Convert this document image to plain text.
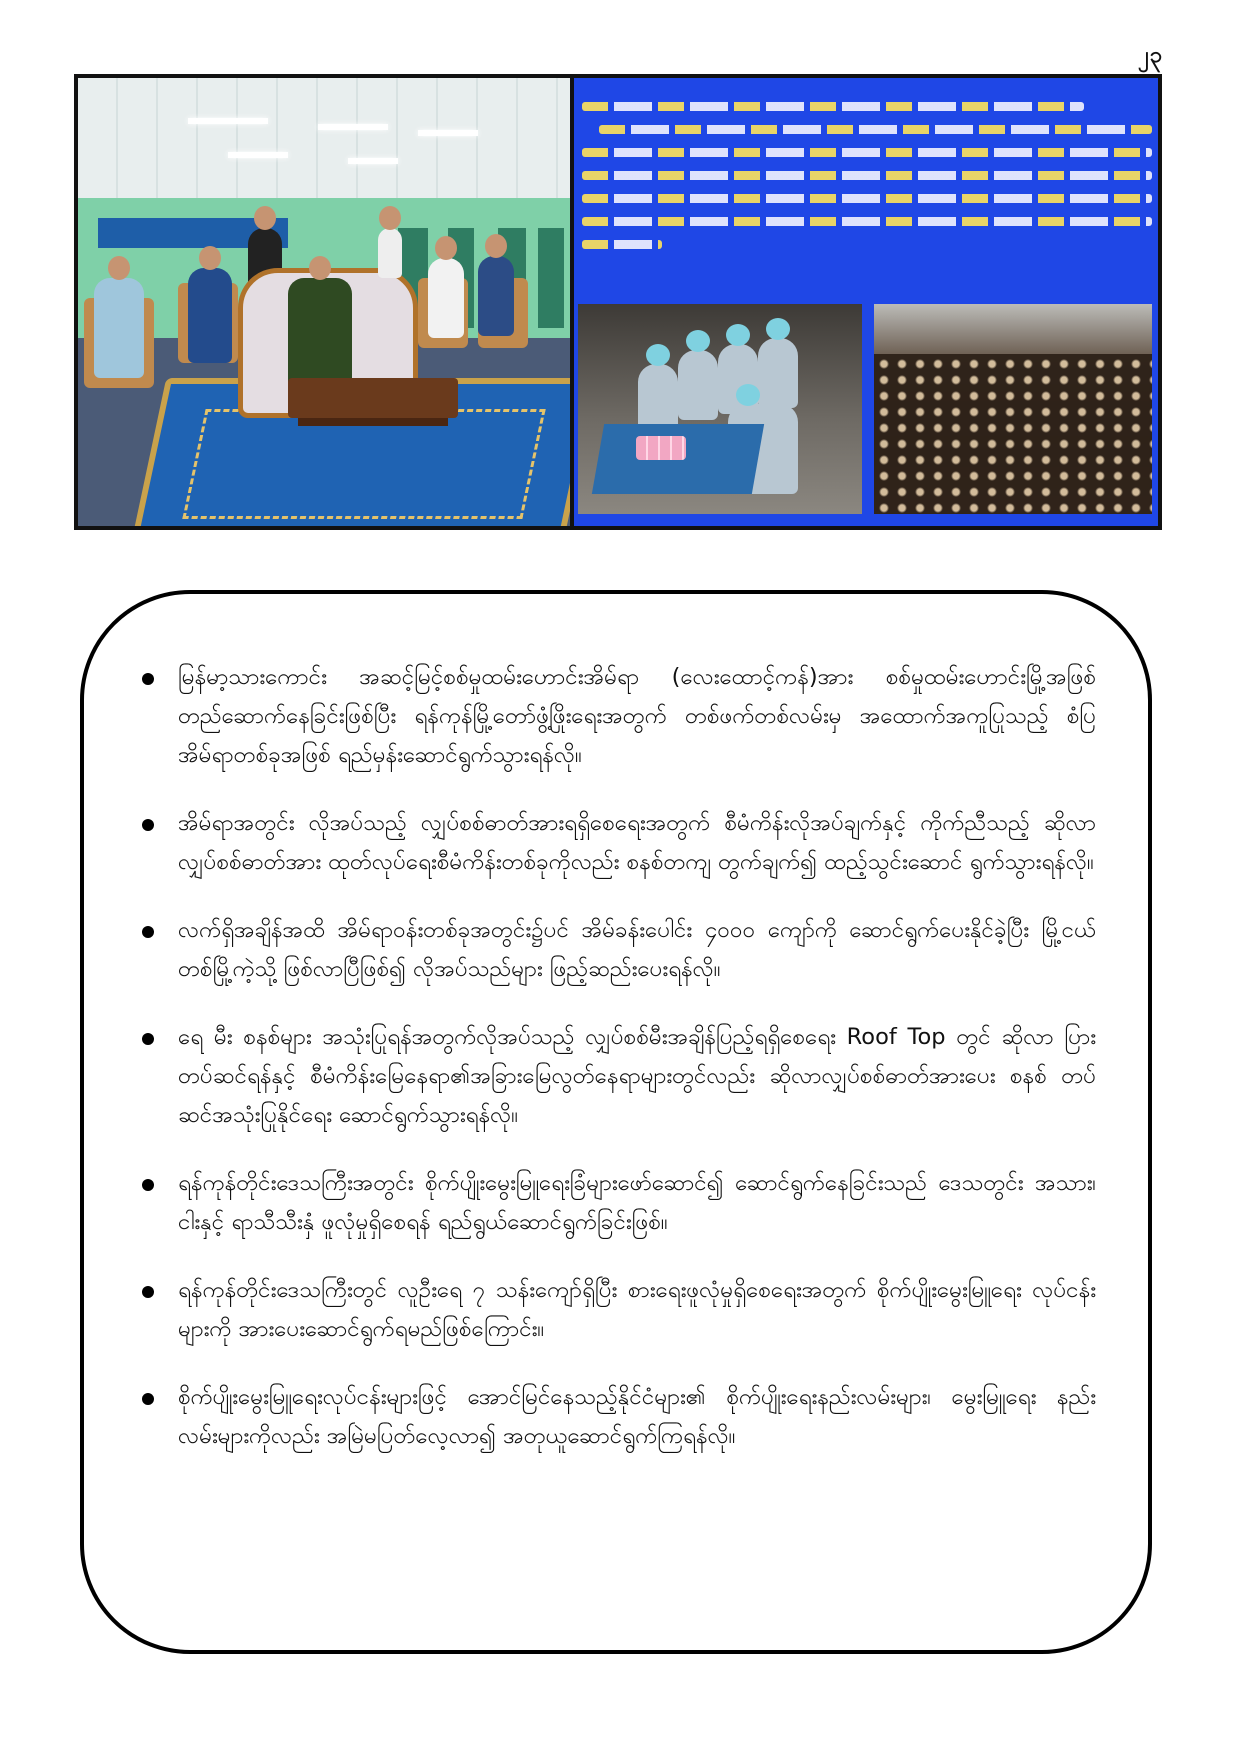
၂၃
မြန်မာ့သားကောင်း အဆင့်မြင့်စစ်မှုထမ်းဟောင်းအိမ်ရာ (လေးထောင့်ကန်)အား စစ်မှုထမ်းဟောင်းမြို့အဖြစ် တည်ဆောက်နေခြင်းဖြစ်ပြီး ရန်ကုန်မြို့တော်ဖွံ့ဖြိုးရေးအတွက် တစ်ဖက်တစ်လမ်းမှ အထောက်အကူပြုသည့် စံပြအိမ်ရာတစ်ခုအဖြစ် ရည်မှန်းဆောင်ရွက်သွားရန်လို။
အိမ်ရာအတွင်း လိုအပ်သည့် လျှပ်စစ်ဓာတ်အားရရှိစေရေးအတွက် စီမံကိန်းလိုအပ်ချက်နှင့် ကိုက်ညီသည့် ဆိုလာလျှပ်စစ်ဓာတ်အား ထုတ်လုပ်ရေးစီမံကိန်းတစ်ခုကိုလည်း စနစ်တကျ တွက်ချက်၍ ထည့်သွင်းဆောင် ရွက်သွားရန်လို။
လက်ရှိအချိန်အထိ အိမ်ရာဝန်းတစ်ခုအတွင်း၌ပင် အိမ်ခန်းပေါင်း ၄၀၀၀ ကျော်ကို ဆောင်ရွက်ပေးနိုင်ခဲ့ပြီး မြို့ငယ်တစ်မြို့ကဲ့သို့ ဖြစ်လာပြီဖြစ်၍ လိုအပ်သည်များ ဖြည့်ဆည်းပေးရန်လို။
ရေ မီး စနစ်များ အသုံးပြုရန်အတွက်လိုအပ်သည့် လျှပ်စစ်မီးအချိန်ပြည့်ရရှိစေရေး Roof Top တွင် ဆိုလာ ပြားတပ်ဆင်ရန်နှင့် စီမံကိန်းမြေနေရာ၏အခြားမြေလွတ်နေရာများတွင်လည်း ဆိုလာလျှပ်စစ်ဓာတ်အားပေး စနစ် တပ်ဆင်အသုံးပြုနိုင်ရေး ဆောင်ရွက်သွားရန်လို။
ရန်ကုန်တိုင်းဒေသကြီးအတွင်း စိုက်ပျိုးမွေးမြူရေးခြံများဖော်ဆောင်၍ ဆောင်ရွက်နေခြင်းသည် ဒေသတွင်း အသား၊ ငါးနှင့် ရာသီသီးနှံ ဖူလုံမှုရှိစေရန် ရည်ရွယ်ဆောင်ရွက်ခြင်းဖြစ်။
ရန်ကုန်တိုင်းဒေသကြီးတွင် လူဦးရေ ၇ သန်းကျော်ရှိပြီး စားရေးဖူလုံမှုရှိစေရေးအတွက် စိုက်ပျိုးမွေးမြူရေး လုပ်ငန်းများကို အားပေးဆောင်ရွက်ရမည်ဖြစ်ကြောင်း။
စိုက်ပျိုးမွေးမြူရေးလုပ်ငန်းများဖြင့် အောင်မြင်နေသည့်နိုင်ငံများ၏ စိုက်ပျိုးရေးနည်းလမ်းများ၊ မွေးမြူရေး နည်းလမ်းများကိုလည်း အမြဲမပြတ်လေ့လာ၍ အတုယူဆောင်ရွက်ကြရန်လို။
